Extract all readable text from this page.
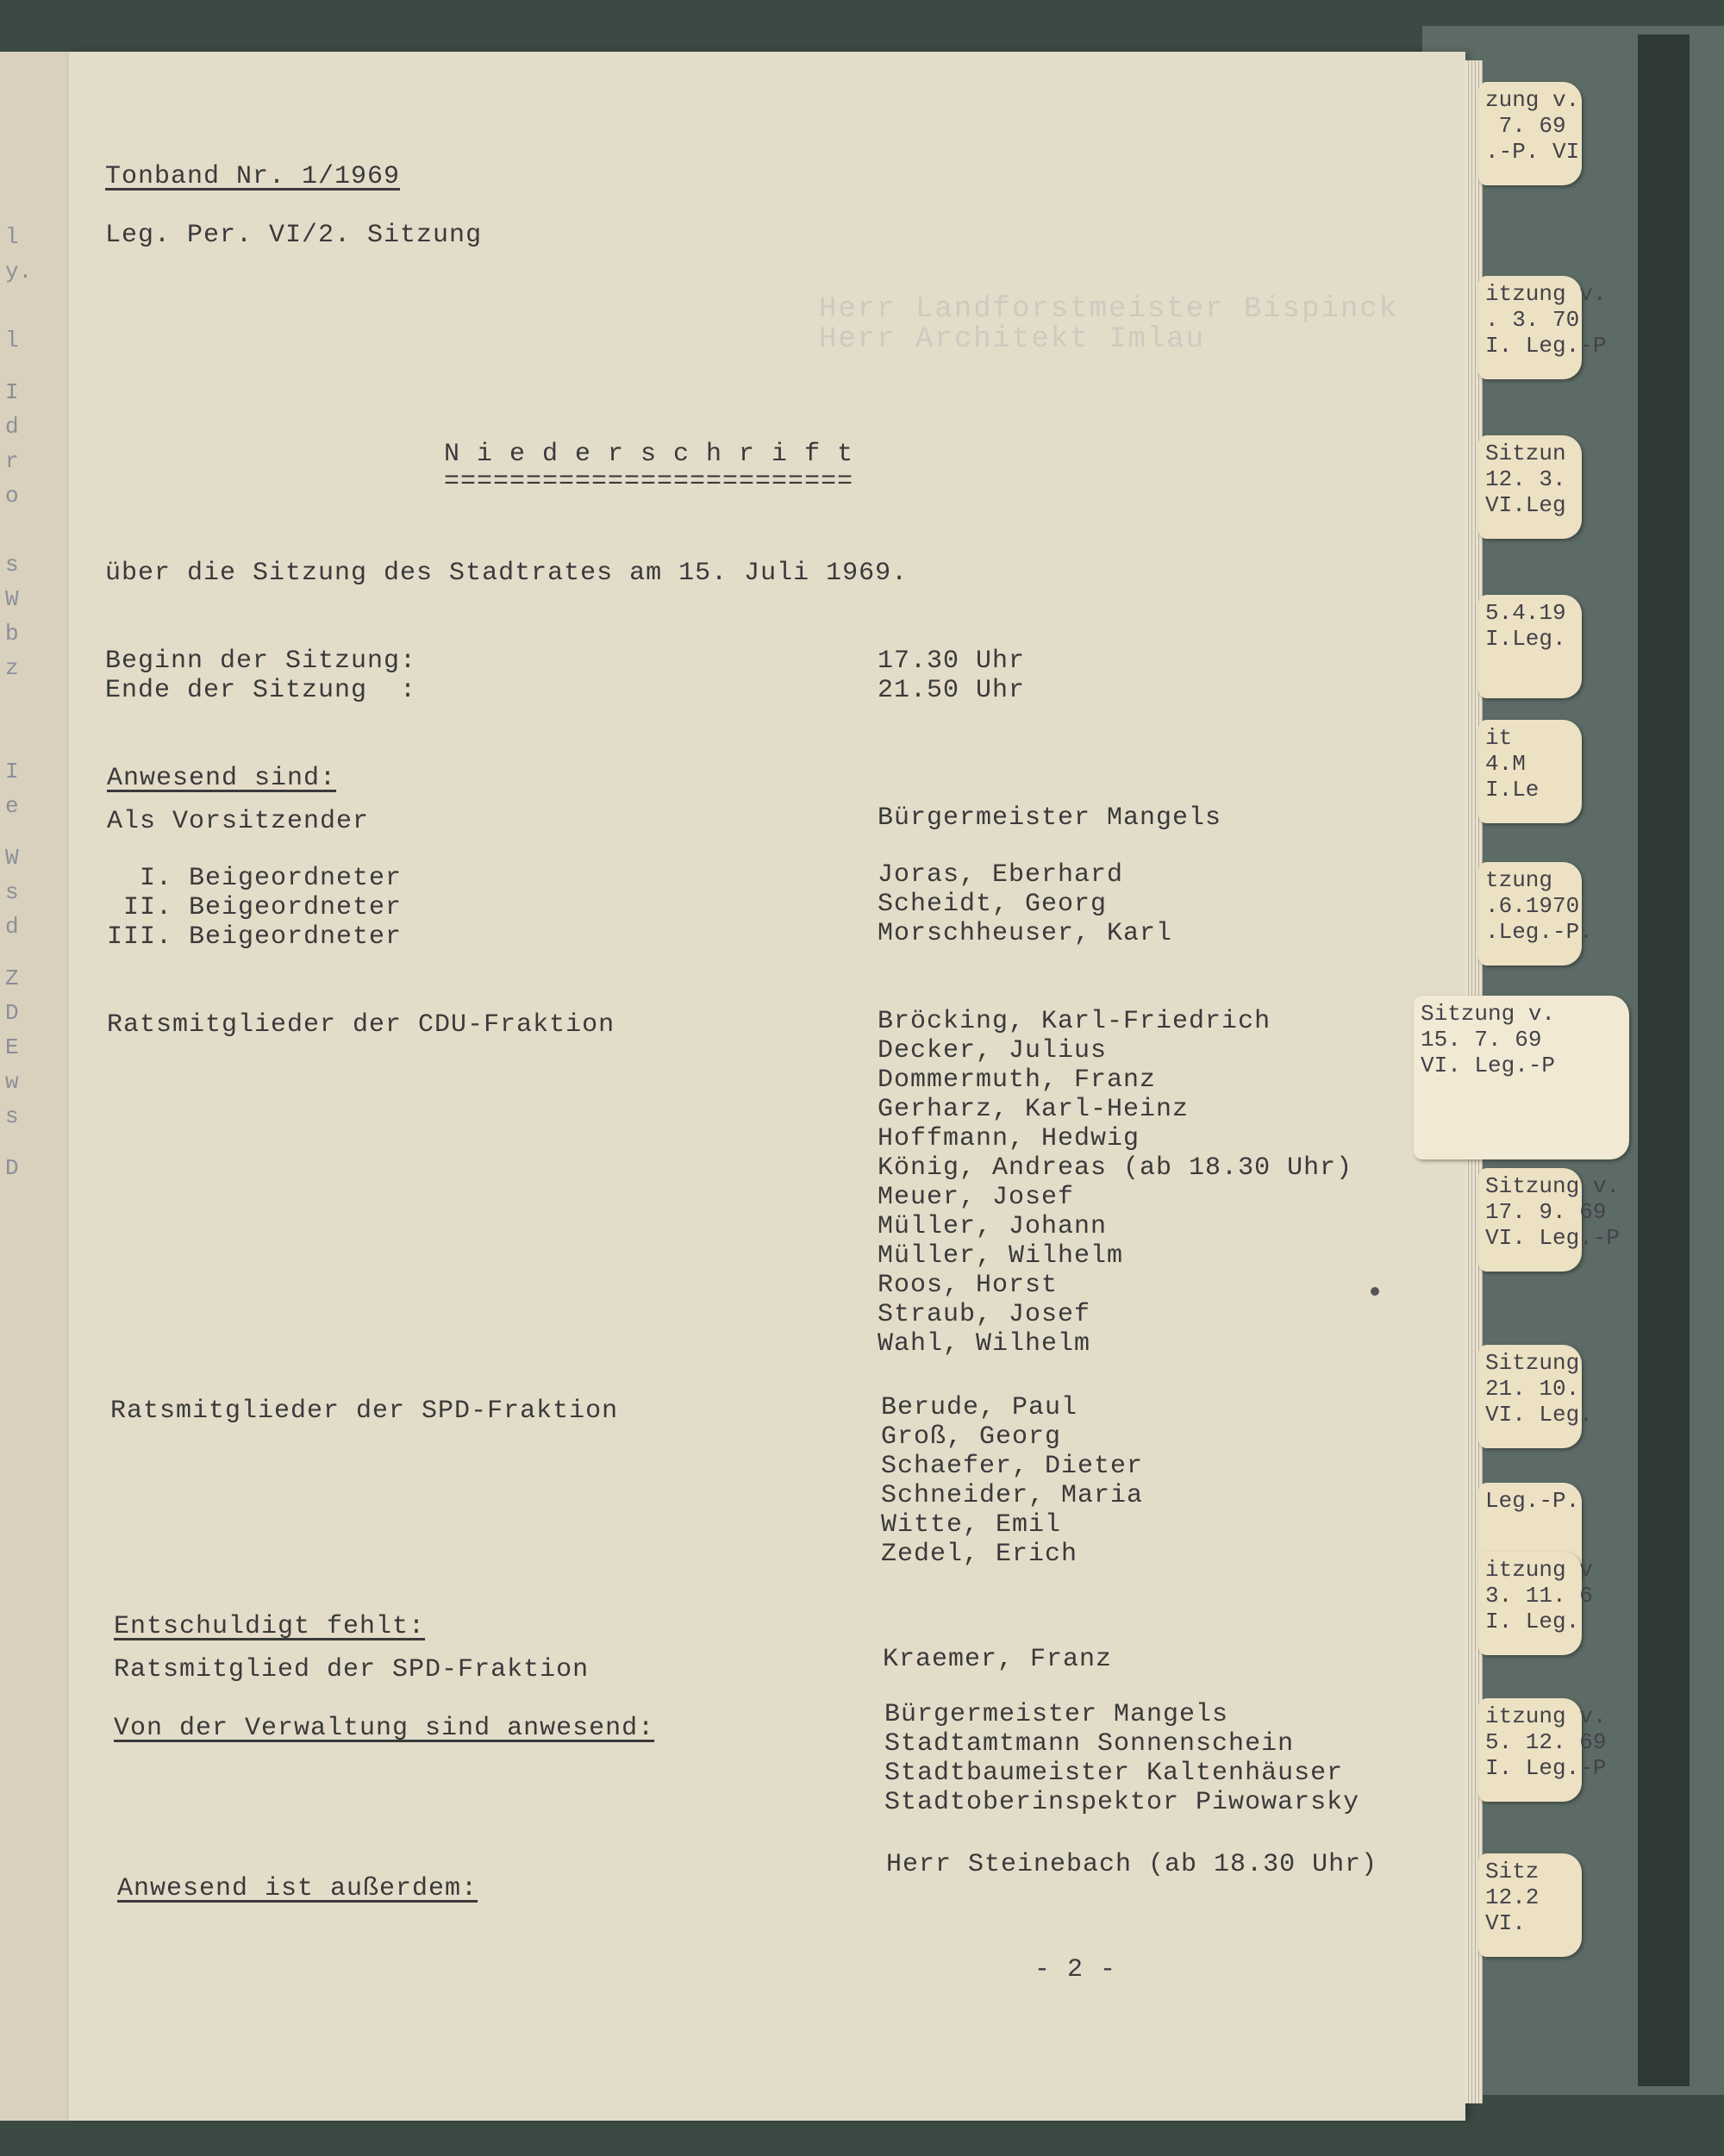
l
y.
l
I
d
r
o
s
W
b
z
I
e
W
s
d
Z
D
E
w
s
D
Herr Landforstmeister Bispinck
Herr Architekt Imlau
Tonband Nr. 1/1969
Leg. Per. VI/2. Sitzung
N i e d e r s c h r i f t
=========================
über die Sitzung des Stadtrates am 15. Juli 1969.
Beginn der Sitzung:	17.30 Uhr
Ende der Sitzung  :	21.50 Uhr
Anwesend sind:
Als Vorsitzender	Bürgermeister Mangels
I. Beigeordneter	Joras, Eberhard
II. Beigeordneter	Scheidt, Georg
III. Beigeordneter	Morschheuser, Karl
Ratsmitglieder der CDU-Fraktion	Bröcking, Karl-Friedrich
Decker, Julius
Dommermuth, Franz
Gerharz, Karl-Heinz
Hoffmann, Hedwig
König, Andreas (ab 18.30 Uhr)
Meuer, Josef
Müller, Johann
Müller, Wilhelm
Roos, Horst
Straub, Josef
Wahl, Wilhelm
Ratsmitglieder der SPD-Fraktion	Berude, Paul
Groß, Georg
Schaefer, Dieter
Schneider, Maria
Witte, Emil
Zedel, Erich
Entschuldigt fehlt:
Ratsmitglied der SPD-Fraktion	Kraemer, Franz
Von der Verwaltung sind anwesend:	Bürgermeister Mangels
Stadtamtmann Sonnenschein
Stadtbaumeister Kaltenhäuser
Stadtoberinspektor Piwowarsky
Anwesend ist außerdem:
Herr Steinebach (ab 18.30 Uhr)
- 2 -
zung v.
7. 69
.-P. VI
itzung
. 3. 70
I. Leg.-P
Sitzun
12. 3.
VI.Leg
5.4.19
I.Leg.
it
4.M
I.Le
tzung
.6.1970
.Leg.-P.
Sitzung v.
15. 7. 69
VI. Leg.-P
Sitzung
17. 9.
VI. Leg.-P
Sitzung
21. 10.
VI. Leg.
Leg.-P.
itzung v
3. 11. 6
I. Leg.
itzung
5. 12.
I. Leg.-P
Sitz
12.2
VI.
